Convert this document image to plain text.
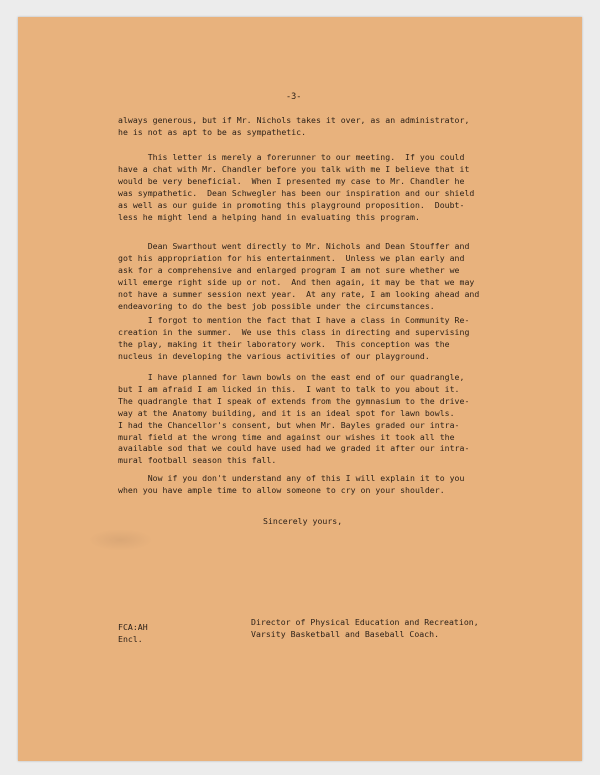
-3-
always generous, but if Mr. Nichols takes it over, as an administrator,
he is not as apt to be as sympathetic.
This letter is merely a forerunner to our meeting.  If you could
have a chat with Mr. Chandler before you talk with me I believe that it
would be very beneficial.  When I presented my case to Mr. Chandler he
was sympathetic.  Dean Schwegler has been our inspiration and our shield
as well as our guide in promoting this playground proposition.  Doubt-
less he might lend a helping hand in evaluating this program.
Dean Swarthout went directly to Mr. Nichols and Dean Stouffer and
got his appropriation for his entertainment.  Unless we plan early and
ask for a comprehensive and enlarged program I am not sure whether we
will emerge right side up or not.  And then again, it may be that we may
not have a summer session next year.  At any rate, I am looking ahead and
endeavoring to do the best job possible under the circumstances.
I forgot to mention the fact that I have a class in Community Re-
creation in the summer.  We use this class in directing and supervising
the play, making it their laboratory work.  This conception was the
nucleus in developing the various activities of our playground.
I have planned for lawn bowls on the east end of our quadrangle,
but I am afraid I am licked in this.  I want to talk to you about it.
The quadrangle that I speak of extends from the gymnasium to the drive-
way at the Anatomy building, and it is an ideal spot for lawn bowls.
I had the Chancellor's consent, but when Mr. Bayles graded our intra-
mural field at the wrong time and against our wishes it took all the
available sod that we could have used had we graded it after our intra-
mural football season this fall.
Now if you don't understand any of this I will explain it to you
when you have ample time to allow someone to cry on your shoulder.
Sincerely yours,
FCA:AH
Encl.
Director of Physical Education and Recreation,
Varsity Basketball and Baseball Coach.
